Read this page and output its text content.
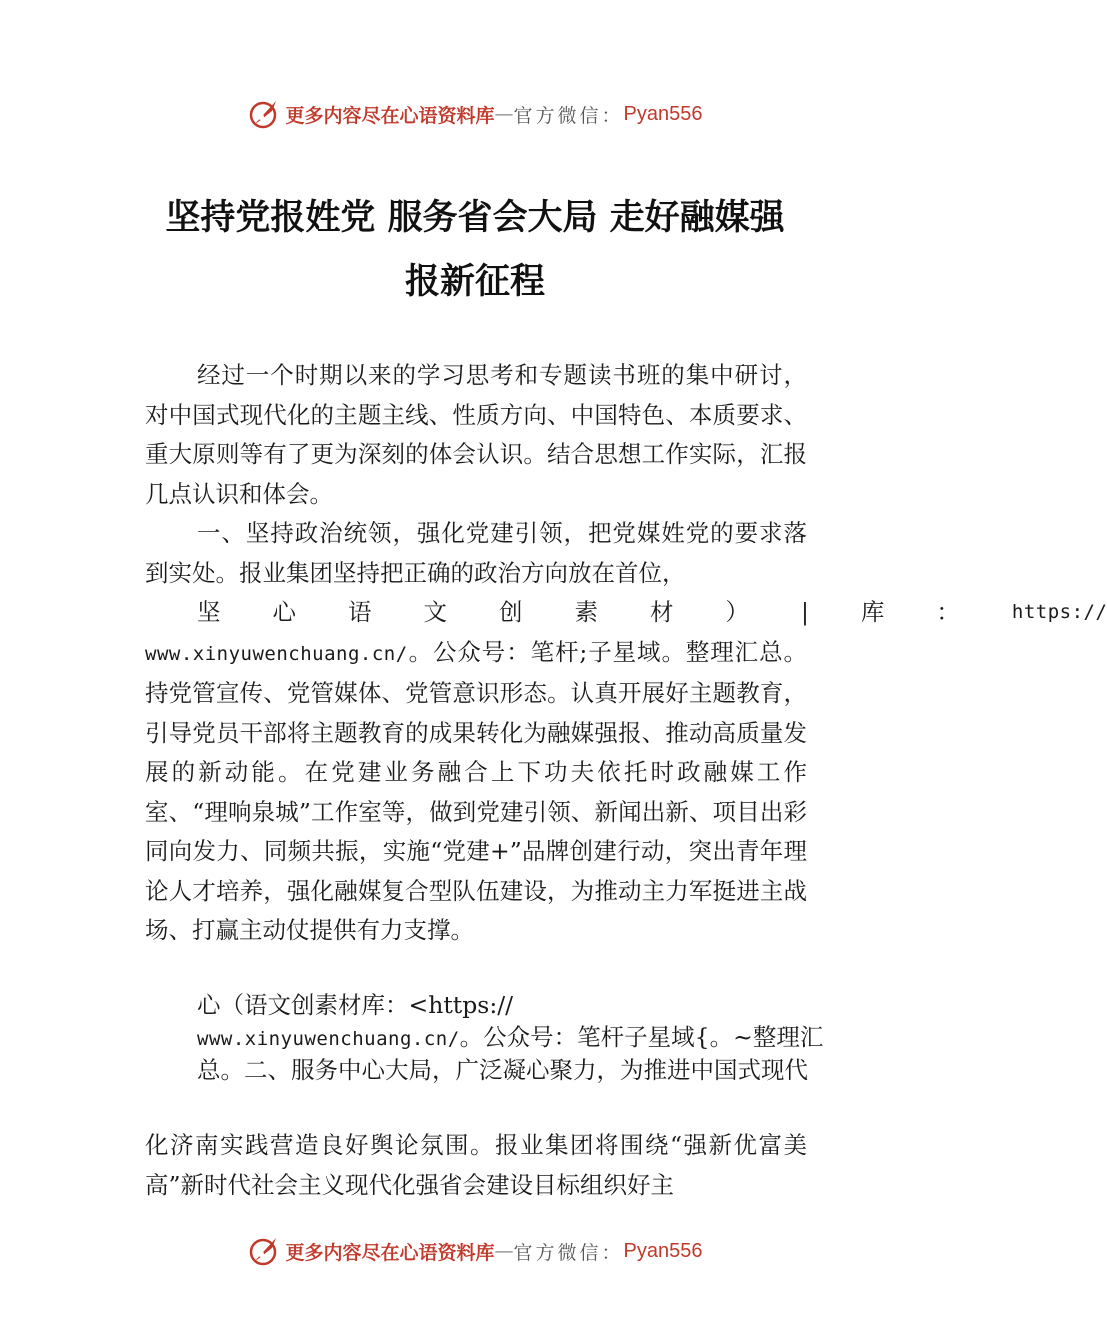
更多内容尽在心语资料库 — 官方微信： Pyan556
坚持党报姓党 服务省会大局 走好融媒强
报新征程
经过一个时期以来的学习思考和专题读书班的集中研讨，对中国式现代化的主题主线、性质方向、中国特色、本质要求、重大原则等有了更为深刻的体会认识。结合思想工作实际，汇报几点认识和体会。
一、坚持政治统领，强化党建引领，把党媒姓党的要求落到实处。报业集团坚持把正确的政治方向放在首位，
坚	心	语	文	创	素	材	）	|	库	：	https://
www.xinyuwenchuang.cn/。公众号：笔杆;子星域。整理汇总。持党管宣传、党管媒体、党管意识形态。认真开展好主题教育， 引导党员干部将主题教育的成果转化为融媒强报、推动高质量发展的新动能。在党建业务融合上下功夫依托时政融媒工作室、“理响泉城”工作室等，做到党建引领、新闻出新、项目出彩同向发力、同频共振，实施“党建+”品牌创建行动，突出青年理论人才培养，强化融媒复合型队伍建设，为推动主力军挺进主战场、打赢主动仗提供有力支撑。
心（语文创素材库：<https://
www.xinyuwenchuang.cn/。公众号：笔杆子星域{。~整理汇总。二、服务中心大局，广泛凝心聚力，为推进中国式现代
化济南实践营造良好舆论氛围。报业集团将围绕“强新优富美高”新时代社会主义现代化强省会建设目标组织好主
更多内容尽在心语资料库 — 官方微信： Pyan556
